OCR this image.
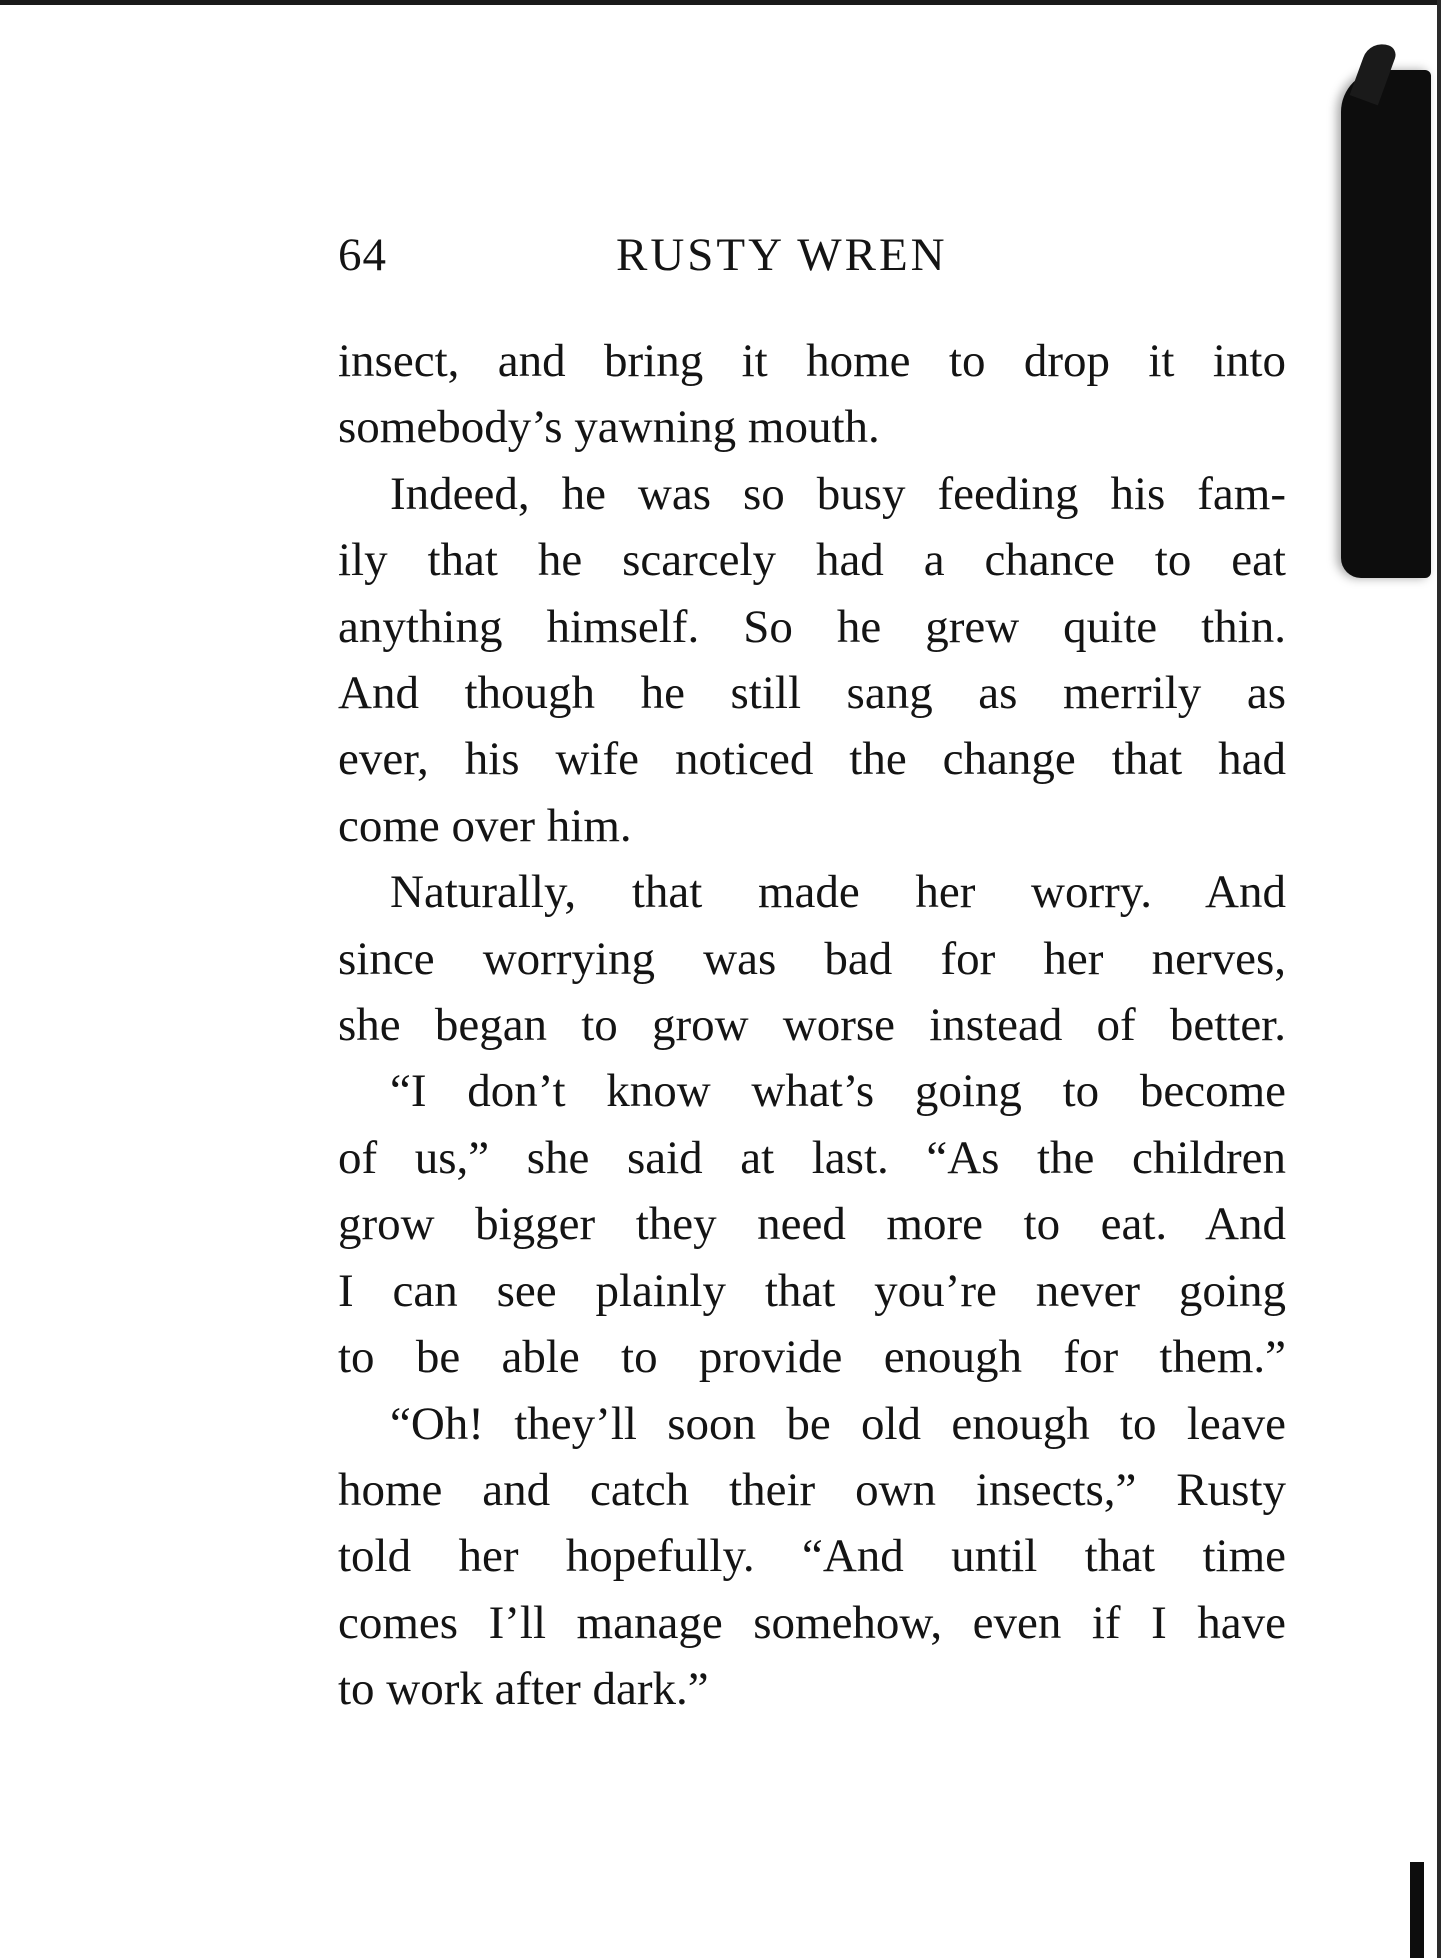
64	RUSTY WREN
insect, and bring it home to drop it into
somebody’s yawning mouth.
Indeed, he was so busy feeding his fam-
ily that he scarcely had a chance to eat
anything himself. So he grew quite thin.
And though he still sang as merrily as
ever, his wife noticed the change that had
come over him.
Naturally, that made her worry. And
since worrying was bad for her nerves,
she began to grow worse instead of better.
“I don’t know what’s going to become
of us,” she said at last. “As the children
grow bigger they need more to eat. And
I can see plainly that you’re never going
to be able to provide enough for them.”
“Oh! they’ll soon be old enough to leave
home and catch their own insects,” Rusty
told her hopefully. “And until that time
comes I’ll manage somehow, even if I have
to work after dark.”
